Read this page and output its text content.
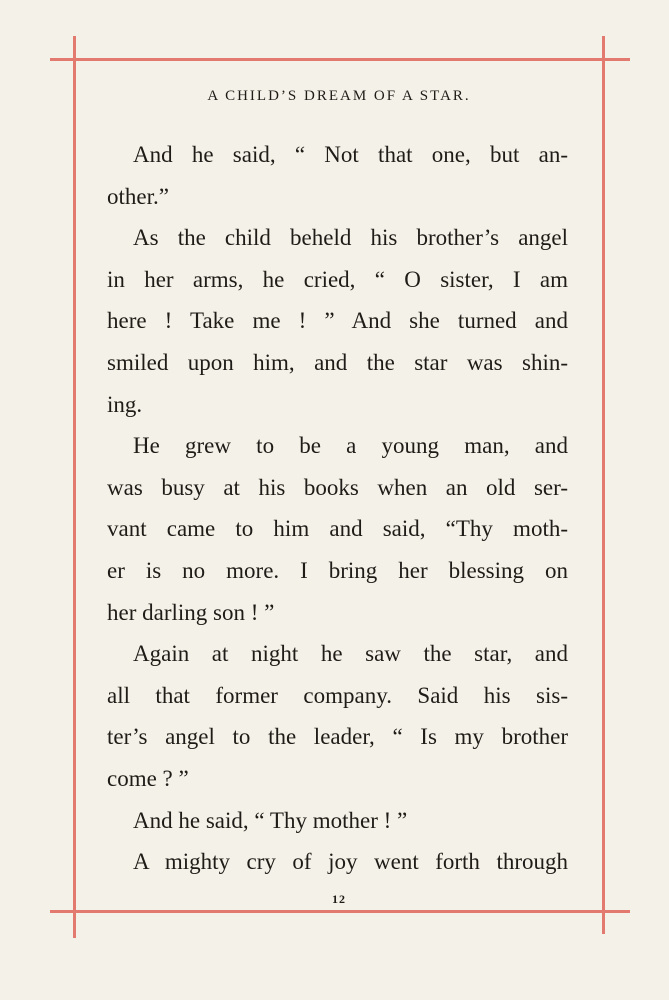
A CHILD’S DREAM OF A STAR.
And he said, “ Not that one, but an-
other.”
As the child beheld his brother’s angel
in her arms, he cried, “ O sister, I am
here ! Take me ! ” And she turned and
smiled upon him, and the star was shin-
ing.
He grew to be a young man, and
was busy at his books when an old ser-
vant came to him and said, “Thy moth-
er is no more. I bring her blessing on
her darling son ! ”
Again at night he saw the star, and
all that former company. Said his sis-
ter’s angel to the leader, “ Is my brother
come ? ”
And he said, “ Thy mother ! ”
A mighty cry of joy went forth through
12
